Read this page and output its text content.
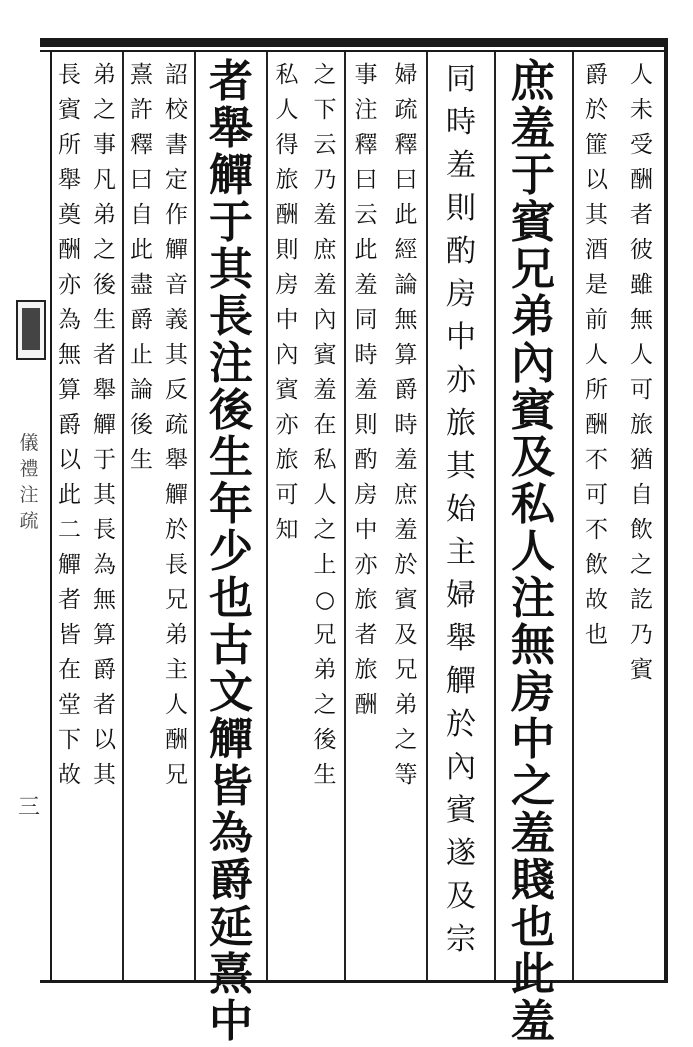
儀
禮
注
疏
三
人
未
受
酬
者
彼
雖
無
人
可
旅
猶
自
飲
之
訖
乃
賓
爵
於
篚
以
其
酒
是
前
人
所
酬
不
可
不
飲
故
也
庶
羞
于
賓
兄
弟
內
賓
及
私
人
注
無
房
中
之
羞
賤
也
此
羞
同
時
羞
則
酌
房
中
亦
旅
其
始
主
婦
舉
觶
於
內
賓
遂
及
宗
婦
疏
釋
曰
此
經
論
無
算
爵
時
羞
庶
羞
於
賓
及
兄
弟
之
等
事
注
釋
曰
云
此
羞
同
時
羞
則
酌
房
中
亦
旅
者
旅
酬
之
下
云
乃
羞
庶
羞
內
賓
羞
在
私
人
之
上
○
兄
弟
之
後
生
私
人
得
旅
酬
則
房
中
內
賓
亦
旅
可
知
者
舉
觶
于
其
長
注
後
生
年
少
也
古
文
觶
皆
為
爵
延
熹
中
詔
校
書
定
作
觶
音
義
其
反
疏
舉
觶
於
長
兄
弟
主
人
酬
兄
熹
許
釋
曰
自
此
盡
爵
止
論
後
生
弟
之
事
凡
弟
之
後
生
者
舉
觶
于
其
長
為
無
算
爵
者
以
其
長
賓
所
舉
奠
酬
亦
為
無
算
爵
以
此
二
觶
者
皆
在
堂
下
故
